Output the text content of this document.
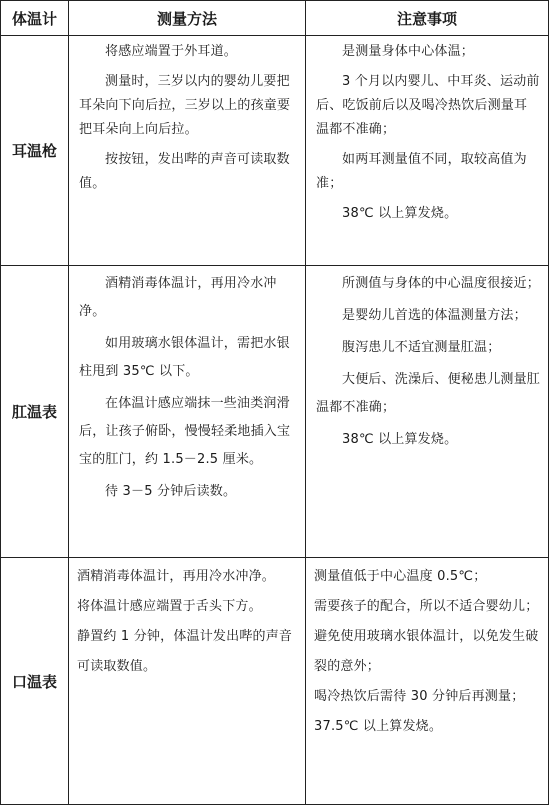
体温计	测量方法	注意事项
耳温枪

将感应端置于外耳道。

测量时，三岁以内的婴幼儿要把耳朵向下向后拉，三岁以上的孩童要把耳朵向上向后拉。

按按钮，发出哔的声音可读取数值。

是测量身体中心体温；

3 个月以内婴儿、中耳炎、运动前后、吃饭前后以及喝冷热饮后测量耳温都不准确；

如两耳测量值不同，取较高值为准；

38℃ 以上算发烧。

肛温表

酒精消毒体温计，再用冷水冲净。

如用玻璃水银体温计，需把水银柱甩到 35℃ 以下。

在体温计感应端抹一些油类润滑后，让孩子俯卧，慢慢轻柔地插入宝宝的肛门，约 1.5－2.5 厘米。

待 3－5 分钟后读数。

所测值与身体的中心温度很接近；

是婴幼儿首选的体温测量方法；

腹泻患儿不适宜测量肛温；

大便后、洗澡后、便秘患儿测量肛温都不准确；

38℃ 以上算发烧。

口温表

酒精消毒体温计，再用冷水冲净。

将体温计感应端置于舌头下方。

静置约 1 分钟，体温计发出哔的声音可读取数值。

测量值低于中心温度 0.5℃；

需要孩子的配合，所以不适合婴幼儿；

避免使用玻璃水银体温计，以免发生破裂的意外；

喝冷热饮后需待 30 分钟后再测量；

37.5℃ 以上算发烧。
